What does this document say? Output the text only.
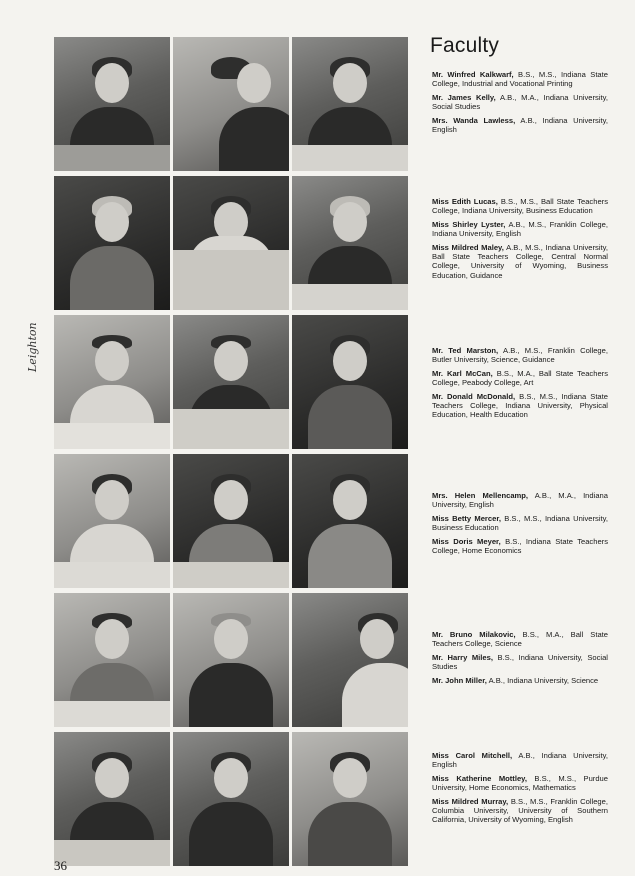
Faculty
Mr. Winfred Kalkwarf, B.S., M.S., Indiana State College, Industrial and Vocational Printing
Mr. James Kelly, A.B., M.A., Indiana University, Social Studies
Mrs. Wanda Lawless, A.B., Indiana University, English
Miss Edith Lucas, B.S., M.S., Ball State Teachers College, Indiana University, Business Education
Miss Shirley Lyster, A.B., M.S., Franklin College, Indiana University, English
Miss Mildred Maley, A.B., M.S., Indiana University, Ball State Teachers College, Central Normal College, University of Wyoming, Business Education, Guidance
Mr. Ted Marston, A.B., M.S., Franklin College, Butler University, Science, Guidance
Mr. Karl McCan, B.S., M.A., Ball State Teachers College, Peabody College, Art
Mr. Donald McDonald, B.S., M.S., Indiana State Teachers College, Indiana University, Physical Education, Health Education
Mrs. Helen Mellencamp, A.B., M.A., Indiana University, English
Miss Betty Mercer, B.S., M.S., Indiana University, Business Education
Miss Doris Meyer, B.S., Indiana State Teachers College, Home Economics
Mr. Bruno Milakovic, B.S., M.A., Ball State Teachers College, Science
Mr. Harry Miles, B.S., Indiana University, Social Studies
Mr. John Miller, A.B., Indiana University, Science
Miss Carol Mitchell, A.B., Indiana University, English
Miss Katherine Mottley, B.S., M.S., Purdue University, Home Economics, Mathematics
Miss Mildred Murray, B.S., M.S., Franklin College, Columbia University, University of Southern California, University of Wyoming, English
Leighton
36
